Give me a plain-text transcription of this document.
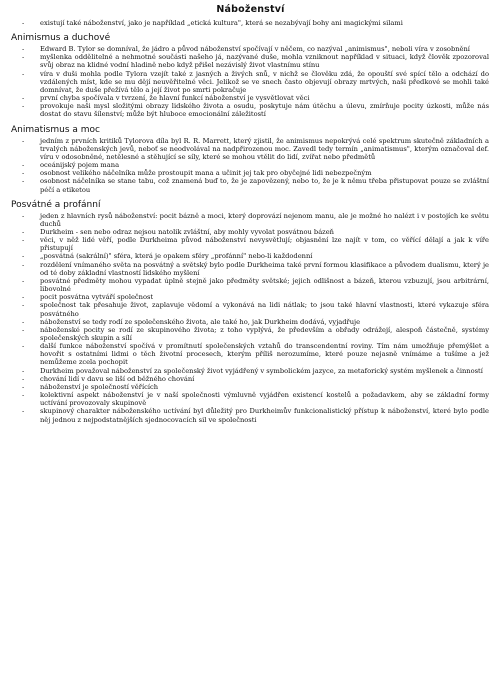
Náboženství
- existují také náboženství, jako je například „etická kultura", která se nezabývají bohy ani magickými silami
Animismus a duchové
- Edward B. Tylor se domníval, že jádro a původ náboženství spočívají v něčem, co nazýval „animismus", neboli víra v zosobnění
- myšlenka oddělitelné a nehmotné součásti našeho já, nazývané duše, mohla vzniknout například v situaci, když člověk zpozoroval svůj obraz na klidné vodní hladině nebo když přišel nezávislý život vlastnímu stínu
- víra v duši mohla podle Tylora vzejít také z jasných a živých snů, v nichž se člověku zdá, že opouští své spící tělo a odchází do vzdálených míst, kde se mu dějí neuvěřitelné věci. Jelikož se ve snech často objevují obrazy mrtvých, naši předkové se mohli také domnívat, že duše přežívá tělo a její život po smrti pokračuje
- první chyba spočívala v tvrzení, že hlavní funkcí náboženství je vysvětlovat věci
- provokuje naši mysl složitými obrazy lidského života a osudu, poskytuje nám útěchu a úlevu, zmírňuje pocity úzkosti, může nás dostat do stavu šílenství; může být hluboce emocionální záležitostí
Animatismus a moc
- jedním z prvních kritiků Tylorova díla byl R. R. Marrett, který zjistil, že animismus nepokrývá celé spektrum skutečně základních a trvalých náboženských jevů, neboť se neodvolával na nadpřirozenou moc. Zavedl tedy termín „animatismus", kterým označoval def. víru v odosobněné, netělesné a stěhující se síly, které se mohou vtělit do lidí, zvířat nebo předmětů
- oceánijský pojem mana
- osobnost velikého náčelníka může prostoupit mana a učinit jej tak pro obyčejné lidi nebezpečným
- osobnost náčelníka se stane tabu, což znamená buď to, že je zapovězený, nebo to, že je k němu třeba přistupovat pouze se zvláštní péčí a etiketou
Posvátné a profánní
- jeden z hlavních rysů náboženství: pocit bázně a moci, který doprovází nejenom manu, ale je možné ho nalézt i v postojích ke světu duchů
- Durkheim - sen nebo odraz nejsou natolik zvláštní, aby mohly vyvolat posvátnou bázeň
- věci, v něž lidé věří, podle Durkheima původ náboženství nevysvětlují; objasnění lze najít v tom, co věřící dělají a jak k víře přistupují
- „posvátná (sakrální)" sféra, která je opakem sféry „profánní" nebo-li každodenní
- rozdělení vnímaného světa na posvátný a světský bylo podle Durkheima také první formou klasifikace a původem dualismu, který je od té doby základní vlastností lidského myšlení
- posvátné předměty mohou vypadat úplně stejně jako předměty světské; jejich odlišnost a bázeň, kterou vzbuzují, jsou arbitrární, libovolné
- pocit posvátna vytváří společnost
- společnost tak přesahuje život, zaplavuje vědomí a vykonává na lidi nátlak; to jsou také hlavní vlastnosti, které vykazuje sféra posvátného
- náboženství se tedy rodí ze společenského života, ale také ho, jak Durkheim dodává, vyjadřuje
- náboženské pocity se rodí ze skupinového života; z toho vyplývá, že především a obřady odrážejí, alespoň částečně, systémy společenských skupin a sílí
- další funkce náboženství spočívá v promítnutí společenských vztahů do transcendentní roviny. Tím nám umožňuje přemýšlet a hovořit s ostatními lidmi o těch životní procesech, kterým příliš nerozumíme, které pouze nejasně vnímáme a tušíme a jež nemůžeme zcela pochopit
- Durkheim považoval náboženství za společenský život vyjádřený v symbolickém jazyce, za metaforický systém myšlenek a činností
- chování lidí v davu se liší od běžného chování
- náboženství je společností věřících
- kolektivní aspekt náboženství je v naší společnosti výmluvně vyjádřen existencí kostelů a požadavkem, aby se základní formy uctívání provozovaly skupinově
- skupinový charakter náboženského uctívání byl důležitý pro Durkheimův funkcionalistický přístup k náboženství, které bylo podle něj jednou z nejpodstatnějších sjednocovacích sil ve společnosti
